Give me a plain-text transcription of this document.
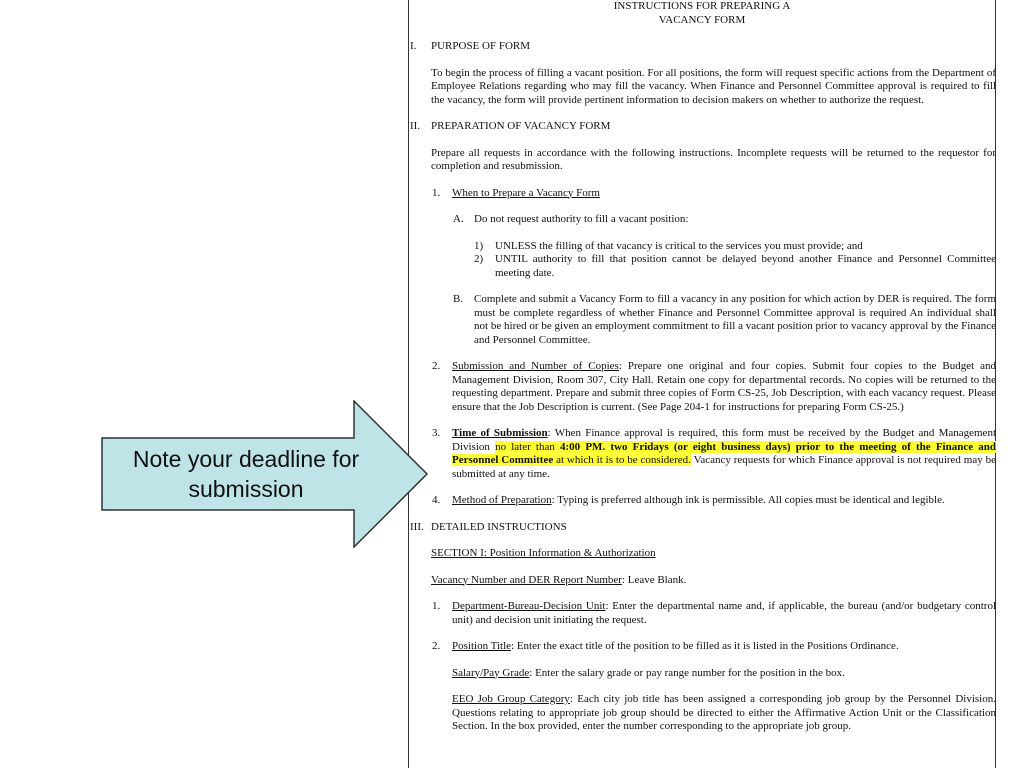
INSTRUCTIONS FOR PREPARING A
VACANCY FORM
I. PURPOSE OF FORM
To begin the process of filling a vacant position. For all positions, the form will request specific actions from the Department of Employee Relations regarding who may fill the vacancy. When Finance and Personnel Committee approval is required to fill the vacancy, the form will provide pertinent information to decision makers on whether to authorize the request.
II. PREPARATION OF VACANCY FORM
Prepare all requests in accordance with the following instructions. Incomplete requests will be returned to the requestor for completion and resubmission.
1. When to Prepare a Vacancy Form
A. Do not request authority to fill a vacant position:
1) UNLESS the filling of that vacancy is critical to the services you must provide; and
2) UNTIL authority to fill that position cannot be delayed beyond another Finance and Personnel Committee meeting date.
B. Complete and submit a Vacancy Form to fill a vacancy in any position for which action by DER is required. The form must be complete regardless of whether Finance and Personnel Committee approval is required An individual shall not be hired or be given an employment commitment to fill a vacant position prior to vacancy approval by the Finance and Personnel Committee.
2. Submission and Number of Copies: Prepare one original and four copies. Submit four copies to the Budget and Management Division, Room 307, City Hall. Retain one copy for departmental records. No copies will be returned to the requesting department. Prepare and submit three copies of Form CS-25, Job Description, with each vacancy request. Please ensure that the Job Description is current. (See Page 204-1 for instructions for preparing Form CS-25.)
3. Time of Submission: When Finance approval is required, this form must be received by the Budget and Management Division no later than 4:00 PM. two Fridays (or eight business days) prior to the meeting of the Finance and Personnel Committee at which it is to be considered. Vacancy requests for which Finance approval is not required may be submitted at any time.
4. Method of Preparation: Typing is preferred although ink is permissible. All copies must be identical and legible.
III. DETAILED INSTRUCTIONS
SECTION I: Position Information & Authorization
Vacancy Number and DER Report Number: Leave Blank.
1. Department-Bureau-Decision Unit: Enter the departmental name and, if applicable, the bureau (and/or budgetary control unit) and decision unit initiating the request.
2. Position Title: Enter the exact title of the position to be filled as it is listed in the Positions Ordinance.
Salary/Pay Grade: Enter the salary grade or pay range number for the position in the box.
EEO Job Group Category: Each city job title has been assigned a corresponding job group by the Personnel Division. Questions relating to appropriate job group should be directed to either the Affirmative Action Unit or the Classification Section. In the box provided, enter the number corresponding to the appropriate job group.
Note your deadline for submission
